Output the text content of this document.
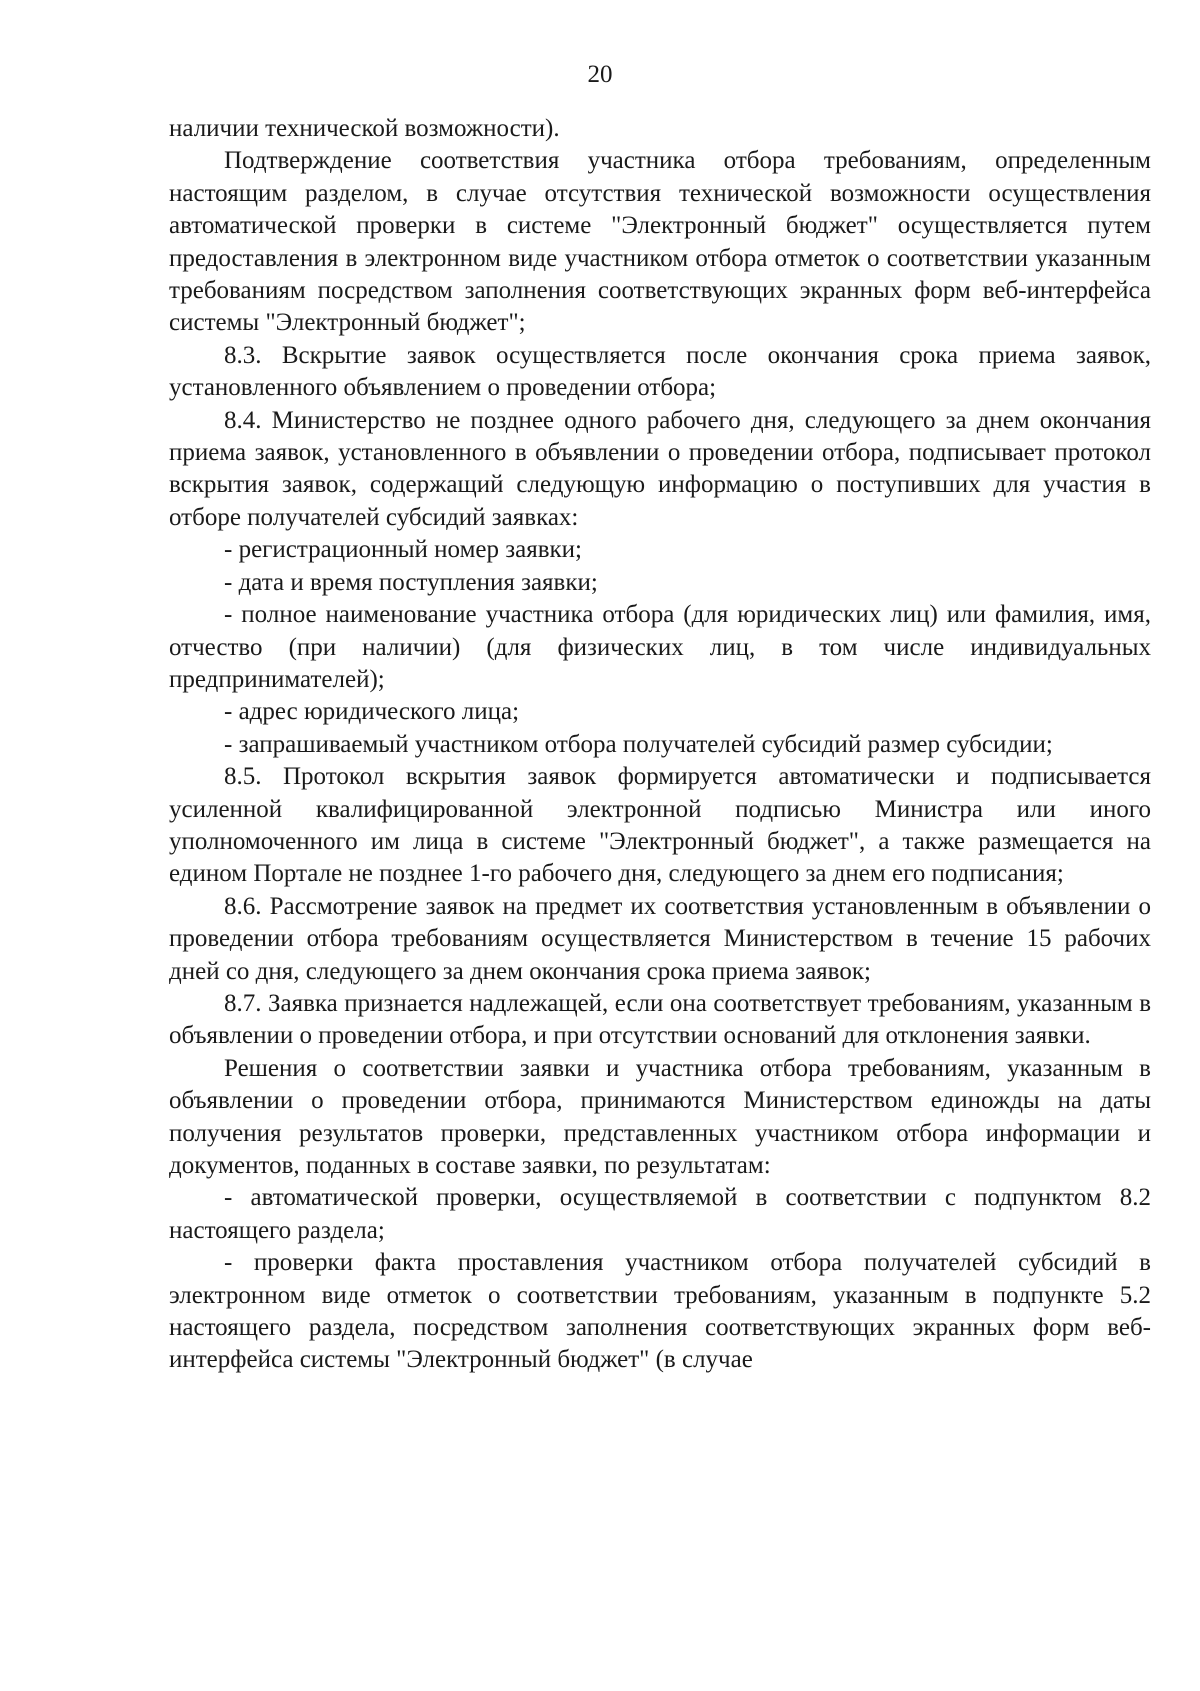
20

наличии технической возможности).

Подтверждение соответствия участника отбора требованиям, определенным настоящим разделом, в случае отсутствия технической возможности осуществления автоматической проверки в системе "Электронный бюджет" осуществляется путем предоставления в электронном виде участником отбора отметок о соответствии указанным требованиям посредством заполнения соответствующих экранных форм веб-интерфейса системы "Электронный бюджет";

8.3. Вскрытие заявок осуществляется после окончания срока приема заявок, установленного объявлением о проведении отбора;

8.4. Министерство не позднее одного рабочего дня, следующего за днем окончания приема заявок, установленного в объявлении о проведении отбора, подписывает протокол вскрытия заявок, содержащий следующую информацию о поступивших для участия в отборе получателей субсидий заявках:

- регистрационный номер заявки;

- дата и время поступления заявки;

- полное наименование участника отбора (для юридических лиц) или фамилия, имя, отчество (при наличии) (для физических лиц, в том числе индивидуальных предпринимателей);

- адрес юридического лица;

- запрашиваемый участником отбора получателей субсидий размер субсидии;

8.5. Протокол вскрытия заявок формируется автоматически и подписывается усиленной квалифицированной электронной подписью Министра или иного уполномоченного им лица в системе "Электронный бюджет", а также размещается на едином Портале не позднее 1-го рабочего дня, следующего за днем его подписания;

8.6. Рассмотрение заявок на предмет их соответствия установленным в объявлении о проведении отбора требованиям осуществляется Министерством в течение 15 рабочих дней со дня, следующего за днем окончания срока приема заявок;

8.7. Заявка признается надлежащей, если она соответствует требованиям, указанным в объявлении о проведении отбора, и при отсутствии оснований для отклонения заявки.

Решения о соответствии заявки и участника отбора требованиям, указанным в объявлении о проведении отбора, принимаются Министерством единожды на даты получения результатов проверки, представленных участником отбора информации и документов, поданных в составе заявки, по результатам:

- автоматической проверки, осуществляемой в соответствии с подпунктом 8.2 настоящего раздела;

- проверки факта проставления участником отбора получателей субсидий в электронном виде отметок о соответствии требованиям, указанным в подпункте 5.2 настоящего раздела, посредством заполнения соответствующих экранных форм веб-интерфейса системы "Электронный бюджет" (в случае
